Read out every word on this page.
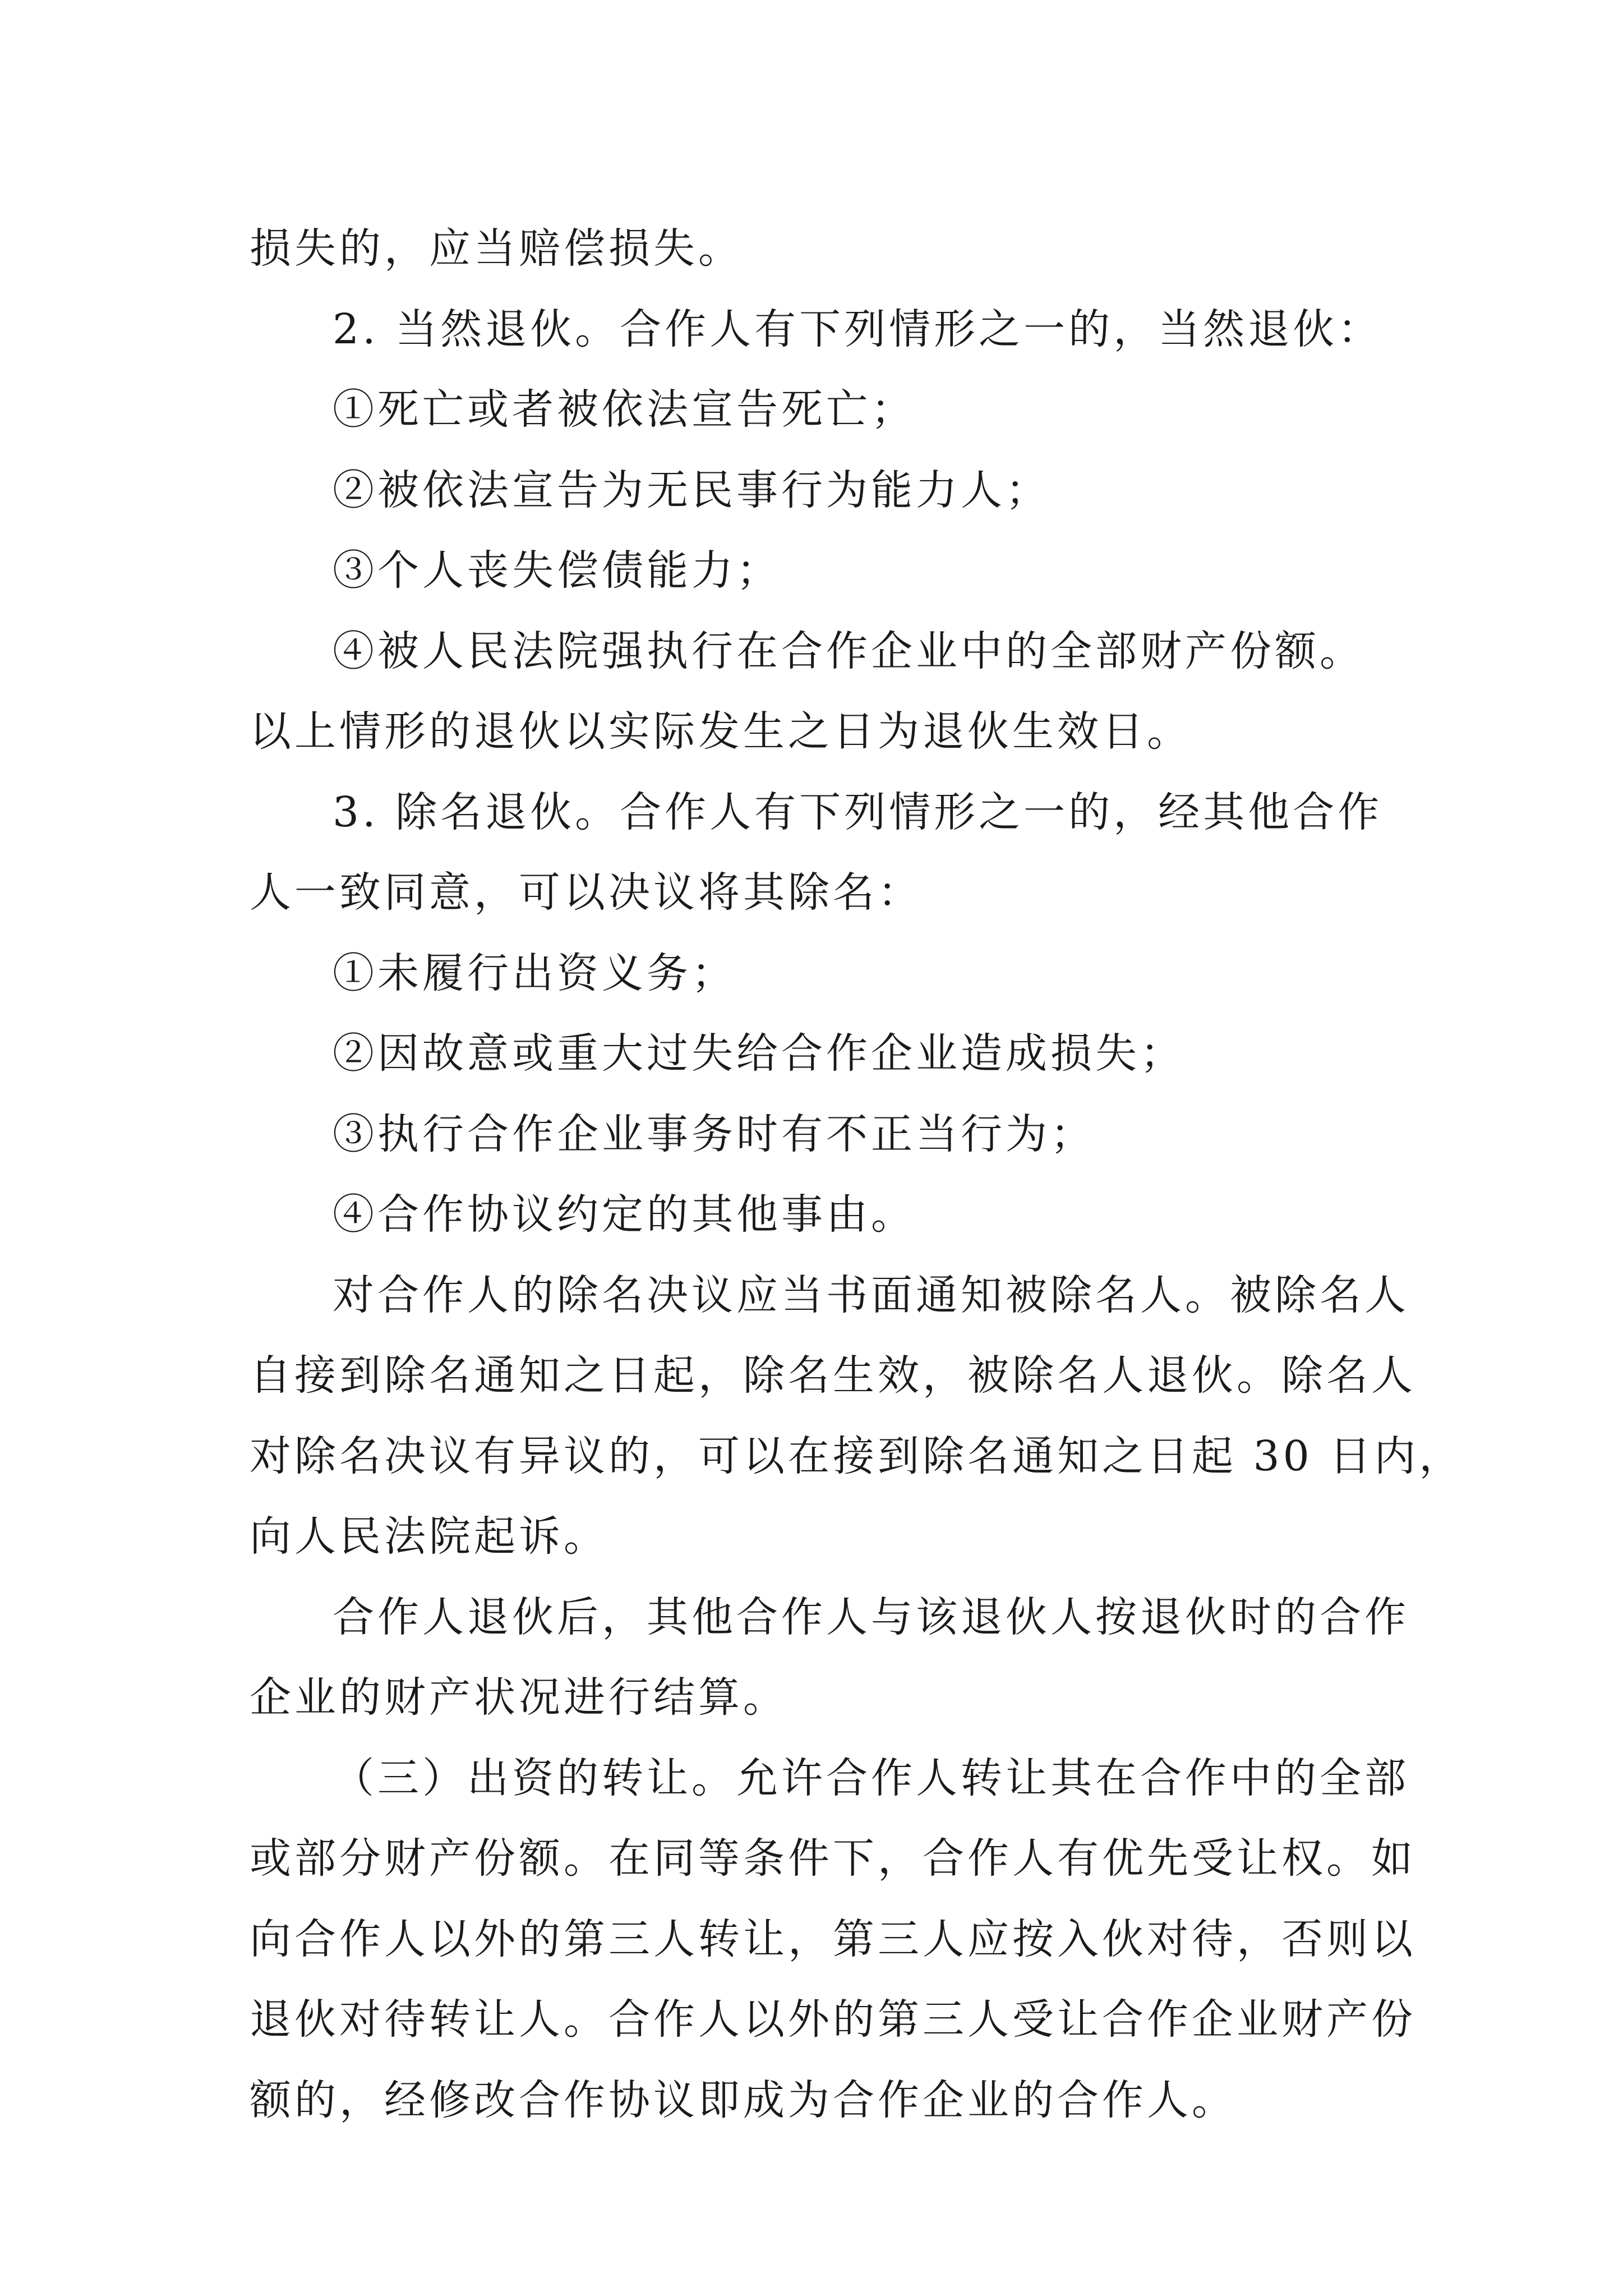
损失的，应当赔偿损失。
2. 当然退伙。合作人有下列情形之一的，当然退伙：
①死亡或者被依法宣告死亡；
②被依法宣告为无民事行为能力人；
③个人丧失偿债能力；
④被人民法院强执行在合作企业中的全部财产份额。
以上情形的退伙以实际发生之日为退伙生效日。
3. 除名退伙。合作人有下列情形之一的，经其他合作
人一致同意，可以决议将其除名：
①未履行出资义务；
②因故意或重大过失给合作企业造成损失；
③执行合作企业事务时有不正当行为；
④合作协议约定的其他事由。
对合作人的除名决议应当书面通知被除名人。被除名人
自接到除名通知之日起，除名生效，被除名人退伙。除名人
对除名决议有异议的，可以在接到除名通知之日起 30 日内，
向人民法院起诉。
合作人退伙后，其他合作人与该退伙人按退伙时的合作
企业的财产状况进行结算。
（三）出资的转让。允许合作人转让其在合作中的全部
或部分财产份额。在同等条件下，合作人有优先受让权。如
向合作人以外的第三人转让，第三人应按入伙对待，否则以
退伙对待转让人。合作人以外的第三人受让合作企业财产份
额的，经修改合作协议即成为合作企业的合作人。
